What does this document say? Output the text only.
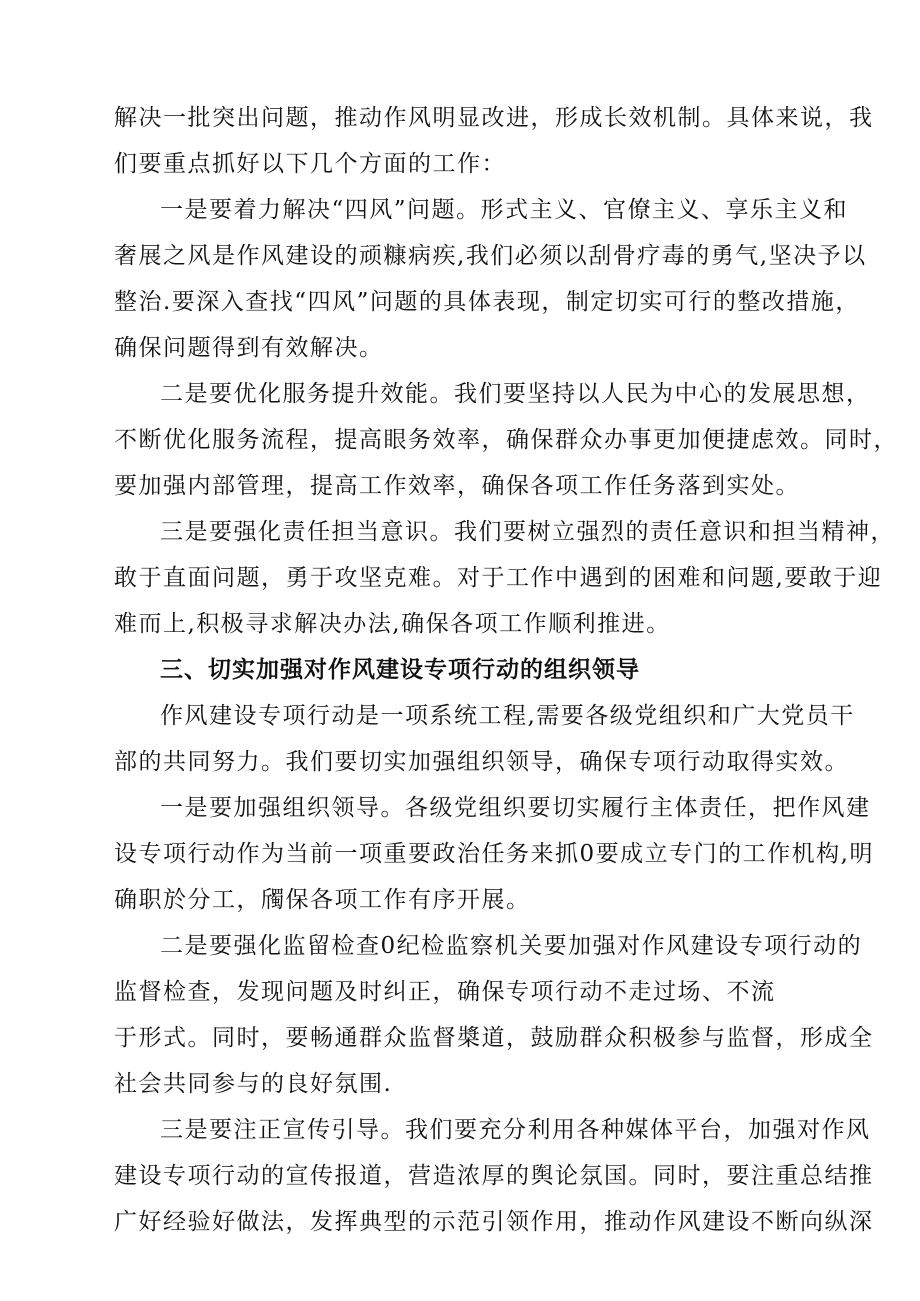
解决一批突出问题，推动作风明显改进，形成长效机制。具体来说，我
们要重点抓好以下几个方面的工作：
一是要着力解决“四风”问题。形式主义、官僚主义、享乐主义和
奢展之风是作风建设的顽糠病疾,我们必须以刮骨疗毒的勇气,坚决予以
整治.要深入查找“四风”问题的具体表现，制定切实可行的整改措施，
确保问题得到有效解决。
二是要优化服务提升效能。我们要坚持以人民为中心的发展思想，
不断优化服务流程，提高眼务效率，确保群众办事更加便捷虑效。同时，
要加强内部管理，提高工作效率，确保各项工作任务落到实处。
三是要强化责任担当意识。我们要树立强烈的责任意识和担当精神，
敢于直面问题，勇于攻坚克难。对于工作中遇到的困难和问题,要敢于迎
难而上,积极寻求解决办法,确保各项工作顺利推进。
三、切实加强对作风建设专项行动的组织领导
作风建设专项行动是一项系统工程,需要各级党组织和广大党员干
部的共同努力。我们要切实加强组织领导，确保专项行动取得实效。
一是要加强组织领导。各级党组织要切实履行主体责任，把作风建
设专项行动作为当前一项重要政治任务来抓0要成立专门的工作机构,明
确职於分工，斶保各项工作有序开展。
二是要强化监留检查0纪检监察机关要加强对作风建设专项行动的
监督检查，发现问题及时纠正，确保专项行动不走过场、不流
于形式。同时，要畅通群众监督槳道，鼓励群众积极参与监督，形成全
社会共同参与的良好氛围.
三是要注正宣传引导。我们要充分利用各种媒体平台，加强对作风
建设专项行动的宣传报道，营造浓厚的舆论氛国。同时，要注重总结推
广好经验好做法，发挥典型的示范引领作用，推动作风建设不断向纵深
